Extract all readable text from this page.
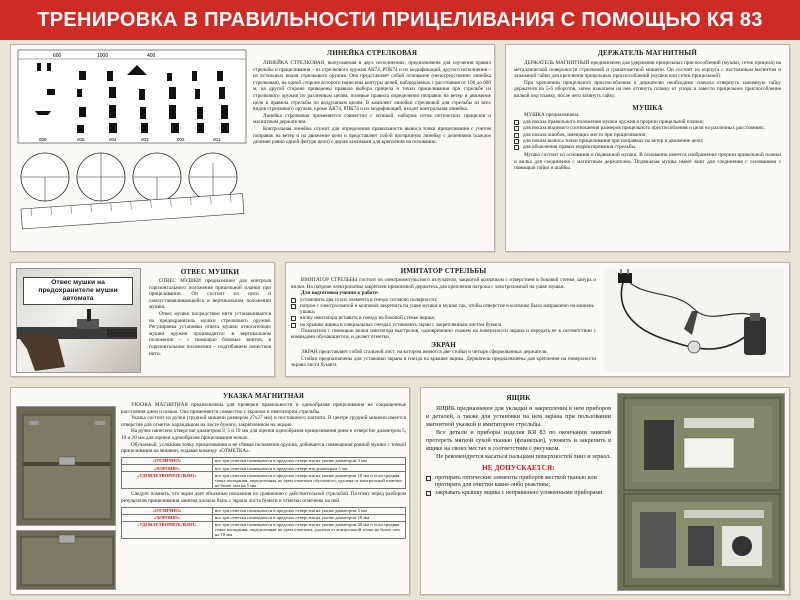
ТРЕНИРОВКА В ПРАВИЛЬНОСТИ ПРИЦЕЛИВАНИЯ С ПОМОЩЬЮ КЯ 83
600	1000	400
009	005	004	003	002	001
ЛИНЕЙКА СТРЕЛКОВАЯ

ЛИНЕЙКА СТРЕЛКОВАЯ, выпускаемая в двух исполнениях, предназначена для изучения правил стрельбы и прицеливания – из стрелкового оружия АК74, РПК74 и их модификаций, другого исполнения – из остальных видов стрелкового оружия. Она представляет собой основание (непосредственно линейка стрелковая), на одной стороне которого нанесены контуры целей, наблюдаемых с расстояния от 100 до 600 м, на другой стороне приведены правила выбора прицела и точки прицеливания при стрельбе из стрелкового оружия по различным целям, полевые правила определения поправок на ветер и движение цели и правила стрельбы по воздушным целям. В комплект линейки стрелковой для стрельбы из всех видов стрелкового оружия, кроме АК74, РПК74 и их модификаций, входит контрольная линейка.

Линейка стрелковая применяется совместно с мушкой, набором сеток оптических прицелов и магнитным держателем.

Контрольная линейка служит для определения правильности выноса точки прицеливания с учетом поправок на ветер и на движение цели и представляет собой прозрачную линейку с делениями (каждое деление равно одной фигуре цели) с двумя зажимами для крепления на основании.

ДЕРЖАТЕЛЬ МАГНИТНЫЙ

ДЕРЖАТЕЛЬ МАГНИТНЫЙ предназначен для удержания прицельных приспособлений (мушки, сеток прицела) на металлической поверхности стрелковой и гранатометной мишени. Он состоит из корпуса с постоянным магнитом и зажимной гайки для крепления прицельных приспособлений (мушки или сетки прицельной).

При креплении прицельного приспособления к держателю необходимо сначала отвернуть зажимную гайку держателя на 5-6 оборотов, затем нажатием на нее оттянуть планку от упора и завести прицельное приспособление вилкой под планку, после чего затянуть гайку.

МУШКА

МУШКА предназначена:

для показа правильного положения мушки оружия в прорези прицельной планки;
для показа видимого соотношения размеров прицельного приспособления и цели на различных расстояниях;
для показа ошибок, имеющих место при прицеливании;
для показа выноса точки прицеливания при поправках на ветер и движение цели;
для объяснения правил корректирования стрельбы.

Мушка состоит из основания и подвижной мушки. В основании имеется изображение прорези прицельной планки и вилка для соединения с магнитным держателем. Подвижная мушка имеет винт для соединения с основанием с помощью гайки и шайбы.

Отвес мушки на предохранителе мушки автомата
ОТВЕС МУШКИ

ОТВЕС МУШКИ предназначен для контроля горизонтального положения прицельной планки при прицеливании. Он состоит из нити и самоустанавливающейся в вертикальном положении мушки.

Отвес мушки посредством нити устанавливается на предохранитель мушки стрелкового оружия. Регулировка установки отвеса мушки относительно мушки оружия производится: в вертикальном положении – с помощью боковых винтов, в горизонтальном положении – подгибанием лепестков нити.

ИМИТАТОР СТРЕЛЬБЫ

ИМИТАТОР СТРЕЛЬБЫ состоит из электроимпульсного излучателя, закрытой колпачком с отверстием в боковой стенке, шнура и вилки. На патроне электропатвы закреплен прижимной держатель для крепления патрона с электролампой на ушке мушки.

Для подготовки учения к работе:

установить два сухих элемента в гнездо согласно полярности;
патрон с электролампой и колпачок закрепить на ушке мушки и мушке так, чтобы отверстие в колпачке было направлено на мишень ушака;
вилку имитатора вставить в гнездо на боковой стенке ящика;
на крышке ящика в специальных гнездах установить экран с закрепленным листом бумаги.

Показатели с помощью вилки имитатора выстрелов, одновременно укажем на поверхности экрана и передать ее в соответствии с командами обучающегося, и делает отметки.

ЭКРАН

ЭКРАН представляет собой стальной лист, на котором имеются две стойки и четыре сформованных держателя.

Стойки предназначены для установки экрана в гнезда на крышке ящика. Держатели предназначены для крепления на поверхности экрана листа бумаги.

УКАЗКА МАГНИТНАЯ

УКАЗКА МАГНИТНАЯ предназначена для проверки правильности и однообразия прицеливания на сокращенные расстояния днем и ночью. Она применяется совместно с экраном и имитатором стрельбы.

Указка состоит из ручки (грудной мишени размером 27х27 мм) и постоянного магнита. В центре грудной мишени имеется отверстие для отметок карандашом на листе бумаги, закрепленном на экране.

На ручке нанесено отверстие диаметром 3, 5 и 10 мм для оценки однообразия прицеливания днем и отверстие диаметром 5, 10 и 20 мм для оценки однообразия прицеливания ночью.

Обучаемый, усложнив точку прицеливания и не сбивая положения оружия, добивается совмещения ровной мушки с точкой прицеливания на мишени, подавая команду «ОТМЕТКА».

«ОТЛИЧНО»	все три отметки помещаются в пределах отверстия на указке диаметром 3 мм
«ХОРОШО»	все три отметки помещаются в пределах отверстия диаметром 5 мм
«УДОВЛЕТВОРИТЕЛЬНО»	все три отметки помещаются в пределах отверстия на указке диаметром 10 мм и если средняя точка попадания, определенная по трем отметкам обучаемого, удалена от контрольной отметки не более чем на 5 мм

Следует помнить, что экран дает объемные показания по сравнению с действительной стрельбой. Поэтому перед разбором результатов прицеливания занятия должно быть с экрана листа бумаги и отметки отмечены на ней.

«ОТЛИЧНО»	все три отметки помещаются в пределах отверстия на указке диаметром 5 мм
«ХОРОШО»	все три отметки помещаются в пределах отверстия на указке диаметром 10 мм
«УДОВЛЕТВОРИТЕЛЬНО»	все три отметки помещаются в пределах отверстия на указке диаметром 20 мм и если средняя точка попадания, определенная по трем отметкам, удалена от контрольной точки не более чем на 10 мм
ЯЩИК

ЯЩИК предназначен для укладки и закрепления в нем приборов и деталей, а также для установки на нем экрана при пользовании магнитной указкой и имитатором стрельбы.

Все детали и приборы изделия КЯ 83 по окончании занятий протереть мягкой сухой тканью (фланелью), уложить и закрепить в ящике на своих местах в соответствии с рисунком.

Не рекомендуется касаться пальцами поверхностей линз и зеркал.

НЕ ДОПУСКАЕТСЯ:
протирать оптические элементы приборов жесткой тканью или протирать для очистки какие-либо реактивы;
закрывать крышку ящика с неправильно уложенными приборами.
